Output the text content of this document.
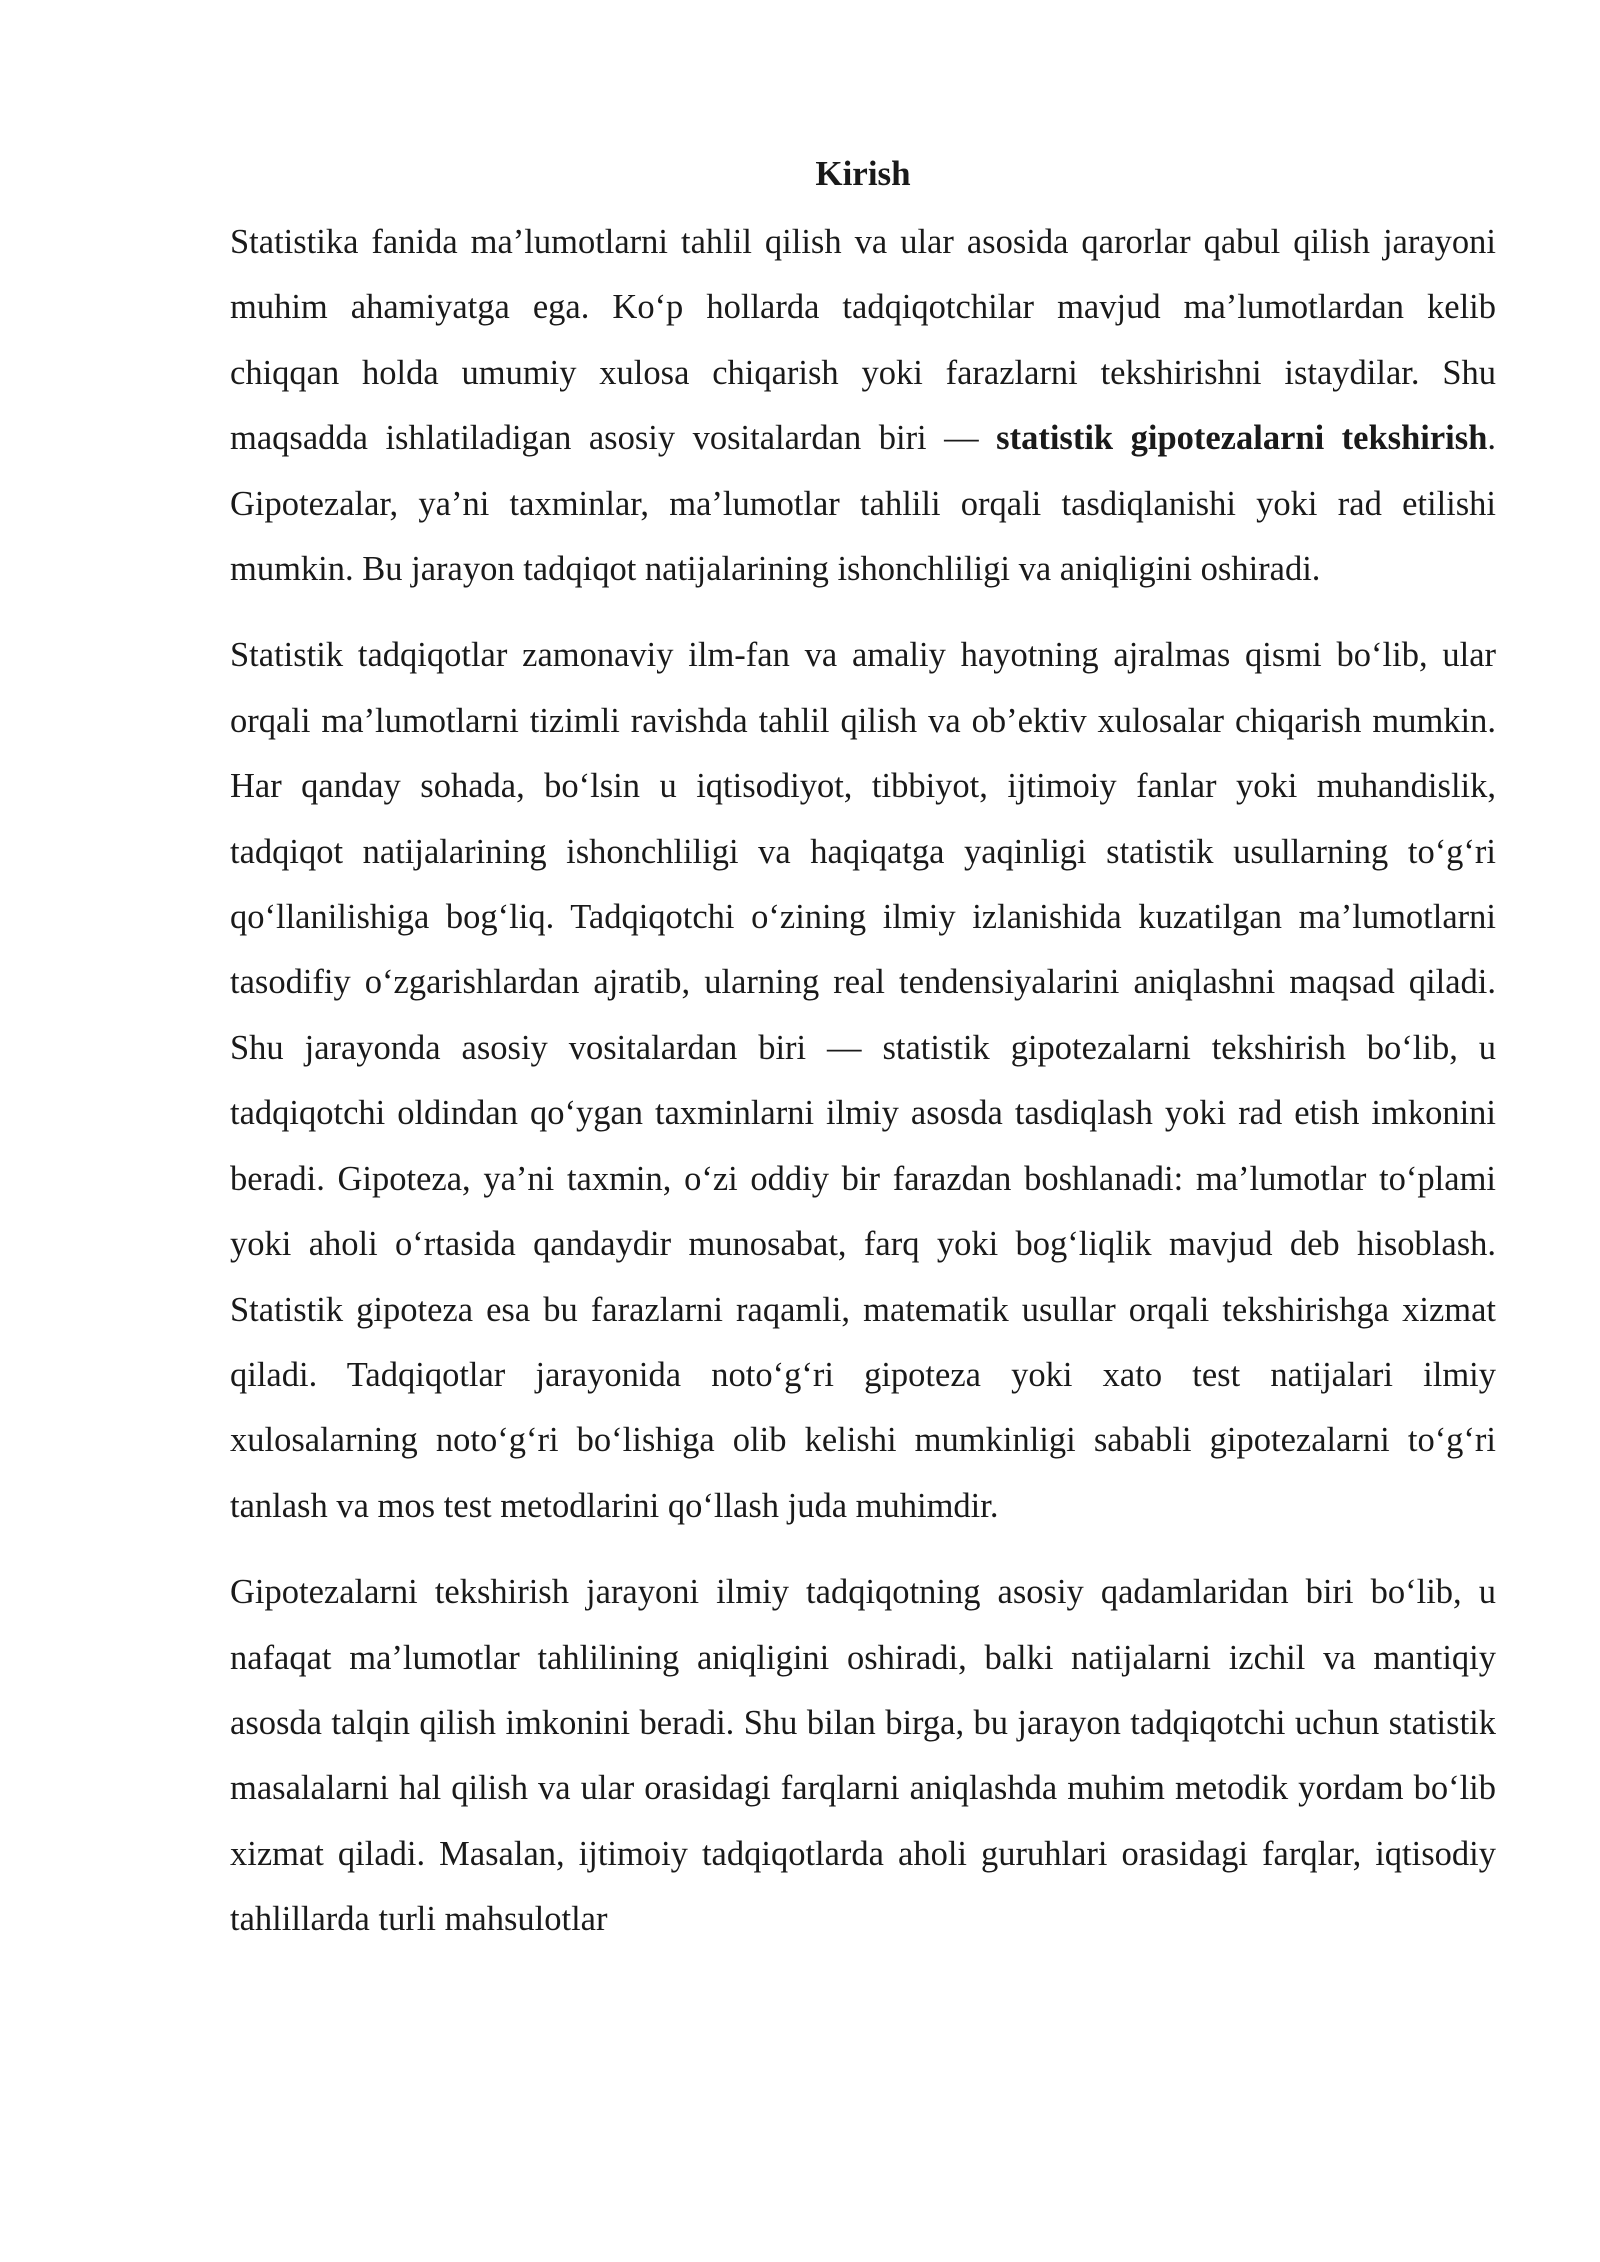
Kirish

Statistika fanida ma’lumotlarni tahlil qilish va ular asosida qarorlar qabul qilish jarayoni muhim ahamiyatga ega. Ko‘p hollarda tadqiqotchilar mavjud ma’lumotlardan kelib chiqqan holda umumiy xulosa chiqarish yoki farazlarni tekshirishni istaydilar. Shu maqsadda ishlatiladigan asosiy vositalardan biri — statistik gipotezalarni tekshirish. Gipotezalar, ya’ni taxminlar, ma’lumotlar tahlili orqali tasdiqlanishi yoki rad etilishi mumkin. Bu jarayon tadqiqot natijalarining ishonchliligi va aniqligini oshiradi.

Statistik tadqiqotlar zamonaviy ilm-fan va amaliy hayotning ajralmas qismi bo‘lib, ular orqali ma’lumotlarni tizimli ravishda tahlil qilish va ob’ektiv xulosalar chiqarish mumkin. Har qanday sohada, bo‘lsin u iqtisodiyot, tibbiyot, ijtimoiy fanlar yoki muhandislik, tadqiqot natijalarining ishonchliligi va haqiqatga yaqinligi statistik usullarning to‘g‘ri qo‘llanilishiga bog‘liq. Tadqiqotchi o‘zining ilmiy izlanishida kuzatilgan ma’lumotlarni tasodifiy o‘zgarishlardan ajratib, ularning real tendensiyalarini aniqlashni maqsad qiladi. Shu jarayonda asosiy vositalardan biri — statistik gipotezalarni tekshirish bo‘lib, u tadqiqotchi oldindan qo‘ygan taxminlarni ilmiy asosda tasdiqlash yoki rad etish imkonini beradi. Gipoteza, ya’ni taxmin, o‘zi oddiy bir farazdan boshlanadi: ma’lumotlar to‘plami yoki aholi o‘rtasida qandaydir munosabat, farq yoki bog‘liqlik mavjud deb hisoblash. Statistik gipoteza esa bu farazlarni raqamli, matematik usullar orqali tekshirishga xizmat qiladi. Tadqiqotlar jarayonida noto‘g‘ri gipoteza yoki xato test natijalari ilmiy xulosalarning noto‘g‘ri bo‘lishiga olib kelishi mumkinligi sababli gipotezalarni to‘g‘ri tanlash va mos test metodlarini qo‘llash juda muhimdir.

Gipotezalarni tekshirish jarayoni ilmiy tadqiqotning asosiy qadamlaridan biri bo‘lib, u nafaqat ma’lumotlar tahlilining aniqligini oshiradi, balki natijalarni izchil va mantiqiy asosda talqin qilish imkonini beradi. Shu bilan birga, bu jarayon tadqiqotchi uchun statistik masalalarni hal qilish va ular orasidagi farqlarni aniqlashda muhim metodik yordam bo‘lib xizmat qiladi. Masalan, ijtimoiy tadqiqotlarda aholi guruhlari orasidagi farqlar, iqtisodiy tahlillarda turli mahsulotlar
